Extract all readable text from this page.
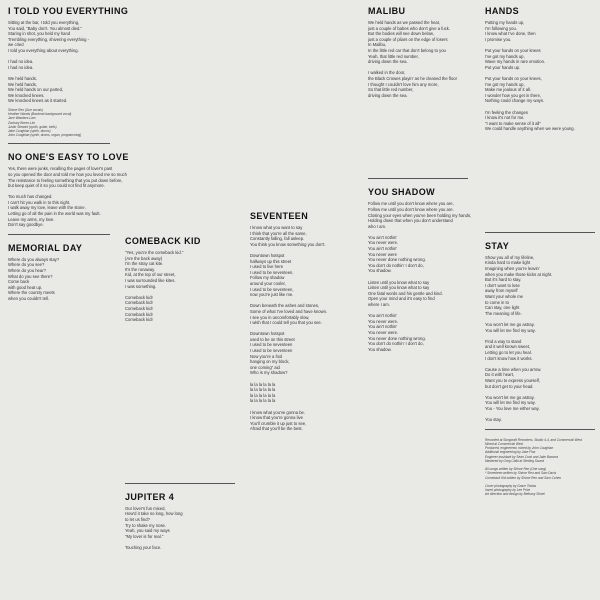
I TOLD YOU EVERYTHING
Sitting at the bar, I told you everything,
You said, "Baby don't. You almost died."
Staring in shot, you held my hand
Trembling everything, shivering everything -
we cried
I told you everything about everything.

I had no idea.
I had no idea.

We held hands.
We held hands,
We held hands on our parted,
We knocked knees.
We knocked knees as it started.
Shiroe Ren (Gue vocals)
Heather Wands (Backend background vocal)
Jace Wanders-Lam
Zachary Boren-Lim
Justin Stewart (synth, guitar, bells)
Jake Coughlan (synth, drums)
John Coughlan (synth, drums, organ, programming)
NO ONE'S EASY TO LOVE
Yes, there were junks, recalling the pages of lover's past
so you opened the door and told me how you loved me so much
The resistance to feeling something that you put down before,
but keep quiet of it so you could not find fit anymore.

Too much has changed.
I can't hit you walk in to this night.
I walk away my love, leave with the stone.
Letting go of all the pain in the world was my fault.
Leave my arms, my love.
Don't say goodbye.
MEMORIAL DAY
Where do you always stay?
Where do you see?
Where do you hear?
What do you see there?
Come back
with good heat up.
Where the country meets
when you couldn't tell.
COMEBACK KID
"Yes, you're the comeback kid."
(Are the back away)
I'm the stray cat kite.
It's the runaway.
Kid, at the top of our street,
I was surrounded like kites.
I was something.

Comeback kid!
Comeback kid!
Comeback kid!
Comeback kid!
Comeback kid!
JUPITER 4
Our lover's fun mixed,
How'd it take so long, how long
to let us find?
Try to shake my nose.
Yeah, you said my ways
"My lover is for real."

Touching your face.
SEVENTEEN
I know what you want to say
I think that you're all the same,
Constantly falling, fall asleep.
You think you know something you don't.

Downtown hotspot
hallways up this street
I used to live here
I used to be seventeen.
Follow my shadow
around your cooler,
I used to be seventeen,
now you're just like me.

Down beneath the ashes and stones,
Some of what I've loved and have known.
I see you in uncomfortably slow,
I wish that I could tell you that you see.

Downtown hotspot
used to be on this street
I used to be seventeen
I used to be seventeen
Now you're a fool
hanging on my block,
one coming" aid
Who is my shadow?

la la la la la la
la la la la la la
la la la la la la
la la la la la la

I know what you've gonna be.
I know that you're gonna live
You'll crumble it up just to see,
Afraid that you'll be the best.
MALIBU
We held hands as we passed the heat,
just a couple of babes who don't give a fuck.
But the bodies will see down below,
just a couple of pliars on the edge of losers
In Malibu,
In the little red car that don't belong to you
Yeah, that little red number,
driving down the sea.

I walked in the door,
the Black Crowes playin' as he cleaned the floor
I thought I couldn't love him any more,
So that little red number,
driving down the sea.
YOU SHADOW
Follow me until you don't know where you are,
Follow me until you don't know where you are.
Closing your eyes when you've been holding my hands,
Holding down that when you don't understand
who I am.

You ain't nothin'
You never were.
You ain't nothin'
You never were
You never done nothing wrong.
You don't do nothin' I don't do,
You shadow.

Listen until you know what to say
Listen until you know what to say
One fatal words and his gentle and kind.
Open your mind and it's easy to find
where I am.

You ain't nothin'
You never were.
You ain't nothin'
You never were.
You never done nothing wrong.
You don't do nothin' I don't do,
You shadow.
HANDS
Putting my hands up,
I'm following you.
I know what I've done, then
I promise you.

Put your hands on your knees
I've got my hands up,
Wave my hands in rare emotion.
Put your hands up.

Put your hands on your knees,
I've got my hands up,
Make me jealous of it all.
I wonder how you get in there,
Nothing could change my ways.

I'm feeling the changes
I know it's not for me.
"I want to make sense of it all"
We could handle anything when we were young.
STAY
Show you all of my lifeline,
Kinda hard to make light
Imagining when you're leavin'
when you make those kicks at night.
But it's hard to stay.
I don't want to lose
away from myself
Want your whole me
to come in to
Can stay, one light
The meaning of life.

You won't let me go astray.
You will let me find my way.

Find a way to stand
and it well known sweet,
Letting go to let you heal.
I don't know how it works.

Cause a time when you arrow.
Do it with heart,
Want you to express yourself,
but don't get to your head.

You won't let me go astray.
You will let me find my way.
You - You love me either way.

You stay.
Recorded at Songcraft Recorders, Studio 4-4, and Commercial West
Mixed at Commercial West
Produced, engineered, mixed by John Coughlan
Additional engineering by Jake Flax
Engineer assistant by Sean Cook and Jake Baroma
Mastered by Greg Calbi at Sterling Sound

All songs written by Shiroe Ren (One song)
* Seventeen written by Shiroe Ren and Sam Davis
Comeback Kid written by Shiroe Ren and Sam Cohen

Cover photography by Grace Tobias
Insert photography by Lee Price
Art direction and design by Bethany Shivel
